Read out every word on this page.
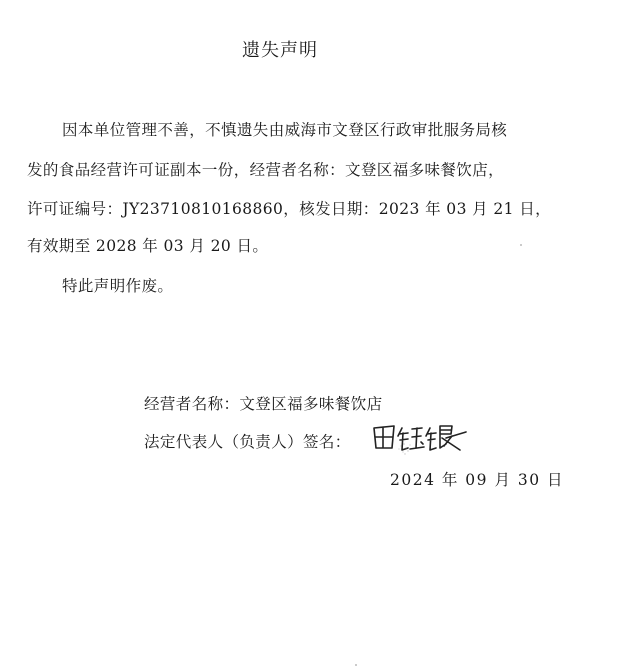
遗失声明
因本单位管理不善，不慎遗失由威海市文登区行政审批服务局核
发的食品经营许可证副本一份，经营者名称：文登区福多味餐饮店，
许可证编号：JY23710810168860，核发日期：2023 年 03 月 21 日，
有效期至 2028 年 03 月 20 日。
特此声明作废。
经营者名称：文登区福多味餐饮店
法定代表人（负责人）签名：
2024 年 09 月 30 日
